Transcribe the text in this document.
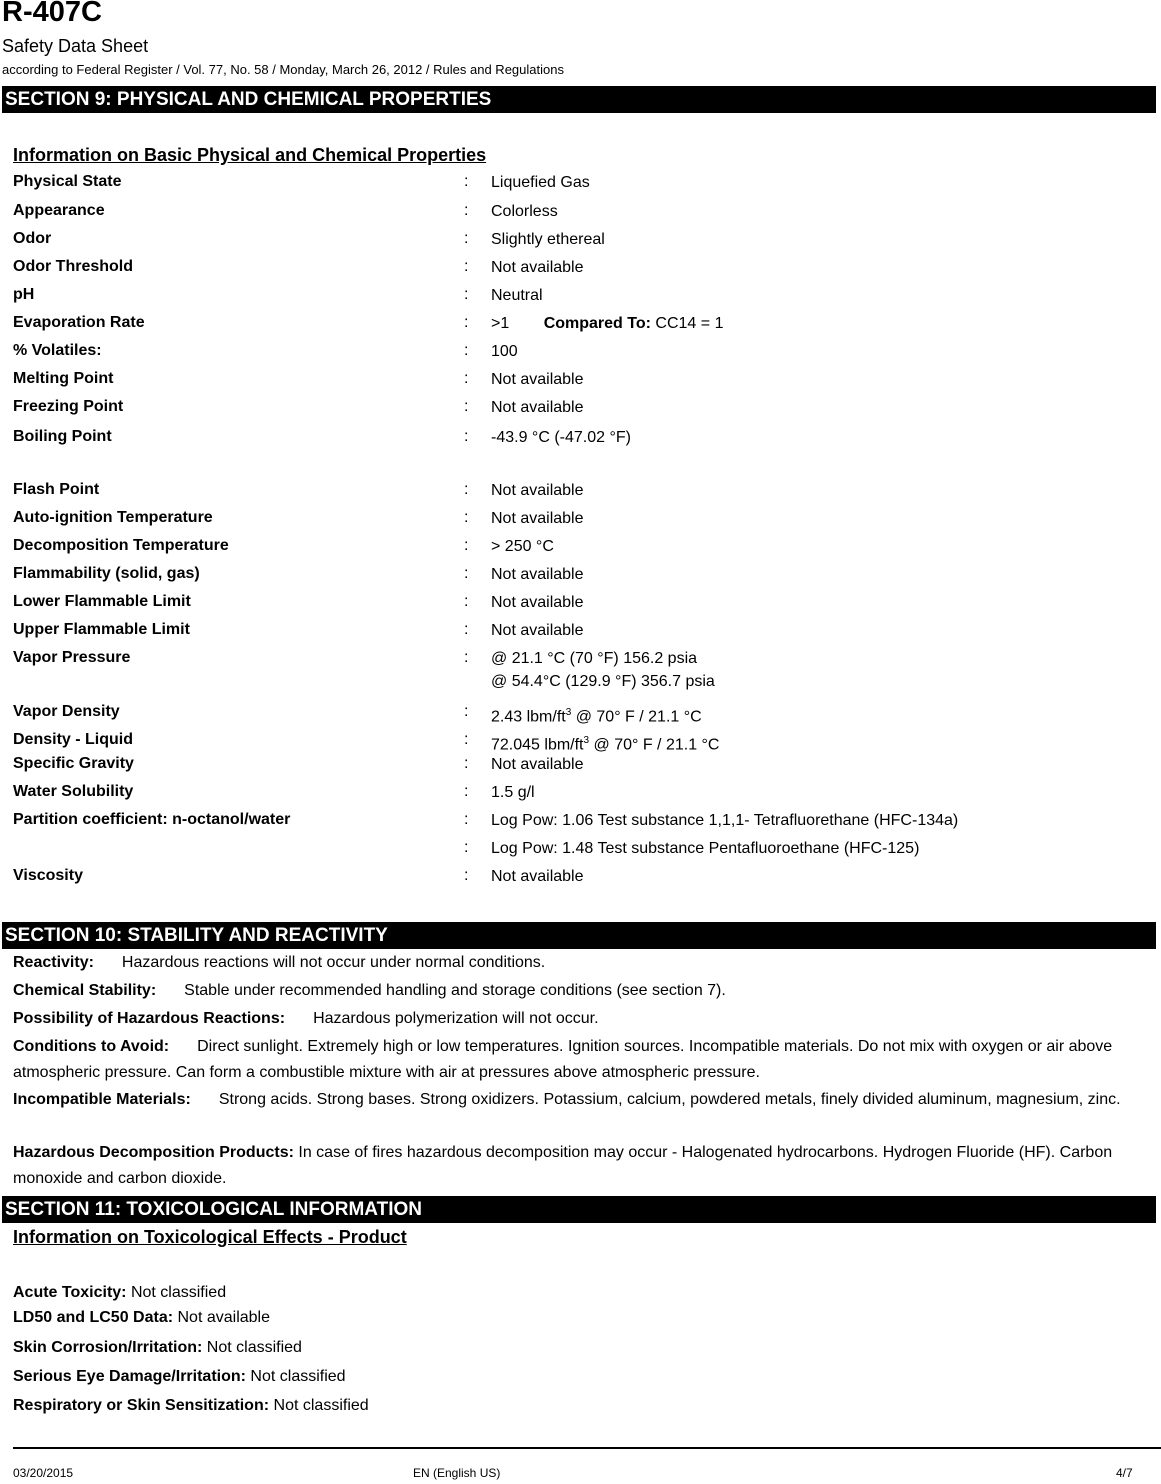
R-407C
Safety Data Sheet
according to Federal Register / Vol. 77, No. 58 / Monday, March 26, 2012 / Rules and Regulations
SECTION 9: PHYSICAL AND CHEMICAL PROPERTIES
Information on Basic Physical and Chemical Properties
Physical State	: Liquefied Gas
Appearance	: Colorless
Odor	: Slightly ethereal
Odor Threshold	: Not available
pH	: Neutral
Evaporation Rate	: >1 Compared To: CC14 = 1
% Volatiles:	: 100
Melting Point	: Not available
Freezing Point	: Not available
Boiling Point	: -43.9 °C (-47.02 °F)
Flash Point	: Not available
Auto-ignition Temperature	: Not available
Decomposition Temperature	: > 250 °C
Flammability (solid, gas)	: Not available
Lower Flammable Limit	: Not available
Upper Flammable Limit	: Not available
Vapor Pressure	: @ 21.1 °C (70 °F) 156.2 psia
@ 54.4°C (129.9 °F) 356.7 psia
Vapor Density	: 2.43 lbm/$ft^3$ @ 70° F / 21.1 °C
Density - Liquid	: 72.045 lbm/$ft^3$ @ 70° F / 21.1 °C
Specific Gravity	: Not available
Water Solubility	: 1.5 g/l
Partition coefficient: n-octanol/water	: Log Pow: 1.06 Test substance 1,1,1- Tetrafluorethane (HFC-134a)
: Log Pow: 1.48 Test substance Pentafluoroethane (HFC-125)
Viscosity	: Not available
SECTION 10: STABILITY AND REACTIVITY
Reactivity: Hazardous reactions will not occur under normal conditions.
Chemical Stability: Stable under recommended handling and storage conditions (see section 7).
Possibility of Hazardous Reactions: Hazardous polymerization will not occur.
Conditions to Avoid: Direct sunlight. Extremely high or low temperatures. Ignition sources. Incompatible materials. Do not mix with oxygen or air above atmospheric pressure. Can form a combustible mixture with air at pressures above atmospheric pressure.
Incompatible Materials: Strong acids. Strong bases. Strong oxidizers. Potassium, calcium, powdered metals, finely divided aluminum, magnesium, zinc.
Hazardous Decomposition Products: In case of fires hazardous decomposition may occur - Halogenated hydrocarbons. Hydrogen Fluoride (HF). Carbon monoxide and carbon dioxide.
SECTION 11: TOXICOLOGICAL INFORMATION
Information on Toxicological Effects - Product
Acute Toxicity: Not classified
LD50 and LC50 Data: Not available
Skin Corrosion/Irritation: Not classified
Serious Eye Damage/Irritation: Not classified
Respiratory or Skin Sensitization: Not classified
03/20/2015	EN (English US)	4/7
